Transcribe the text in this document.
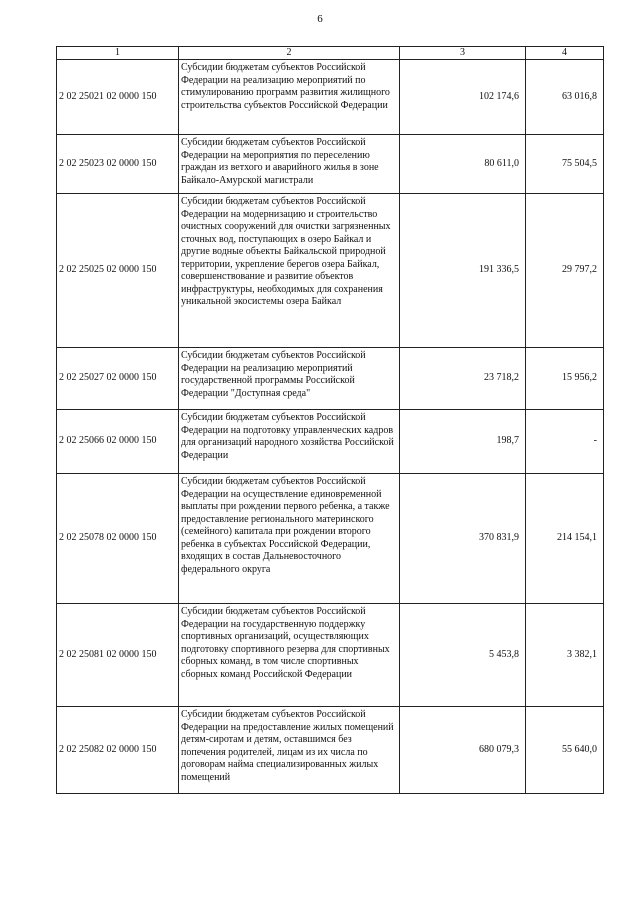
6
1	2	3	4
2 02 25021 02 0000 150	Субсидии бюджетам субъектов Российской Федерации на реализацию мероприятий по стимулированию программ развития жилищного строительства субъектов Российской Федерации	102 174,6	63 016,8
2 02 25023 02 0000 150	Субсидии бюджетам субъектов Российской Федерации на мероприятия по переселению граждан из ветхого и аварийного жилья в зоне Байкало-Амурской магистрали	80 611,0	75 504,5
2 02 25025 02 0000 150	Субсидии бюджетам субъектов Российской Федерации на модернизацию и строительство очистных сооружений для очистки загрязненных сточных вод, поступающих в озеро Байкал и другие водные объекты Байкальской природной территории, укрепление берегов озера Байкал, совершенствование и развитие объектов инфраструктуры, необходимых для сохранения уникальной экосистемы озера Байкал	191 336,5	29 797,2
2 02 25027 02 0000 150	Субсидии бюджетам субъектов Российской Федерации на реализацию мероприятий государственной программы Российской Федерации "Доступная среда"	23 718,2	15 956,2
2 02 25066 02 0000 150	Субсидии бюджетам субъектов Российской Федерации на подготовку управленческих кадров для организаций народного хозяйства Российской Федерации	198,7	-
2 02 25078 02 0000 150	Субсидии бюджетам субъектов Российской Федерации на осуществление единовременной выплаты при рождении первого ребенка, а также предоставление регионального материнского (семейного) капитала при рождении второго ребенка в субъектах Российской Федерации, входящих в состав Дальневосточного федерального округа	370 831,9	214 154,1
2 02 25081 02 0000 150	Субсидии бюджетам субъектов Российской Федерации на государственную поддержку спортивных организаций, осуществляющих подготовку спортивного резерва для спортивных сборных команд, в том числе спортивных сборных команд Российской Федерации	5 453,8	3 382,1
2 02 25082 02 0000 150	Субсидии бюджетам субъектов Российской Федерации на предоставление жилых помещений детям-сиротам и детям, оставшимся без попечения родителей, лицам из их числа по договорам найма специализированных жилых помещений	680 079,3	55 640,0
